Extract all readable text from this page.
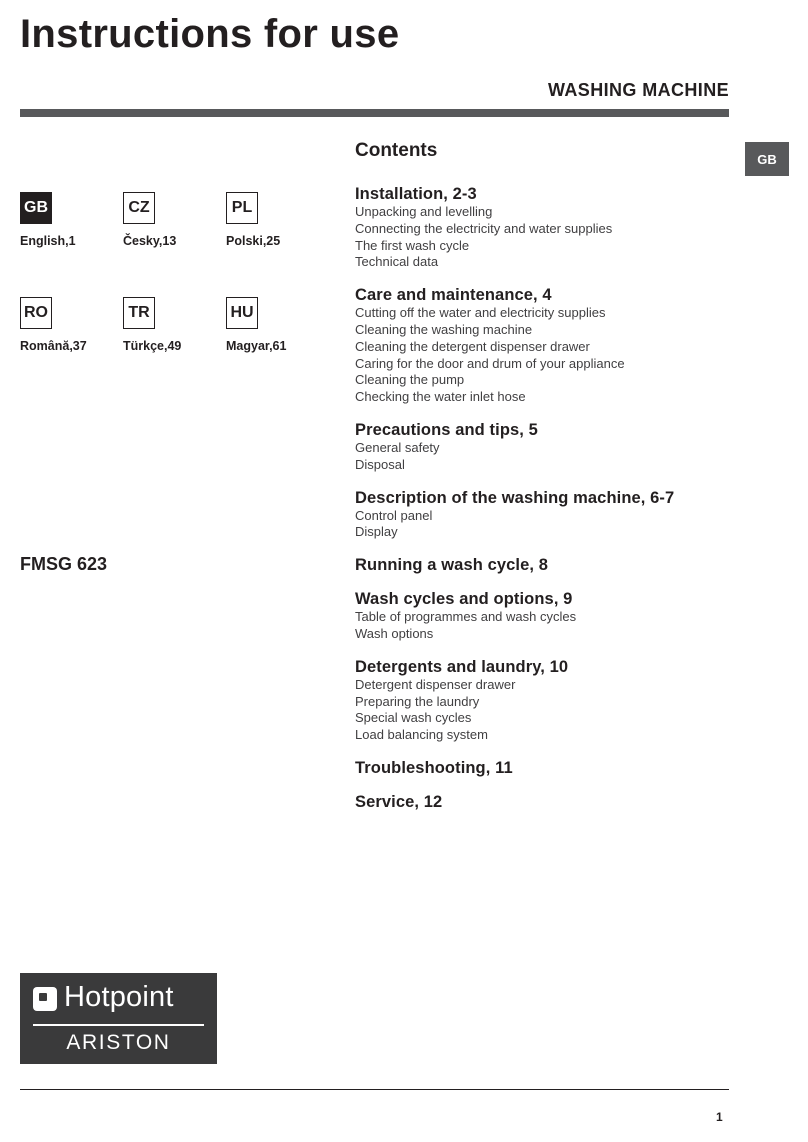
Instructions for use
WASHING MACHINE
GB
GB
English,1
CZ
Česky,13
PL
Polski,25
RO
Română,37
TR
Türkçe,49
HU
Magyar,61
FMSG 623
Contents
Installation, 2-3
Unpacking and levelling
Connecting the electricity and water supplies
The first wash cycle
Technical data
Care and maintenance, 4
Cutting off the water and electricity supplies
Cleaning the washing machine
Cleaning the detergent dispenser drawer
Caring for the door and drum of your appliance
Cleaning the pump
Checking the water inlet hose
Precautions and tips, 5
General safety
Disposal
Description of the washing machine, 6-7
Control panel
Display
Running a wash cycle, 8
Wash cycles and options, 9
Table of programmes and wash cycles
Wash options
Detergents and laundry, 10
Detergent dispenser drawer
Preparing the laundry
Special wash cycles
Load balancing system
Troubleshooting, 11
Service, 12
Hotpoint
ARISTON
1
